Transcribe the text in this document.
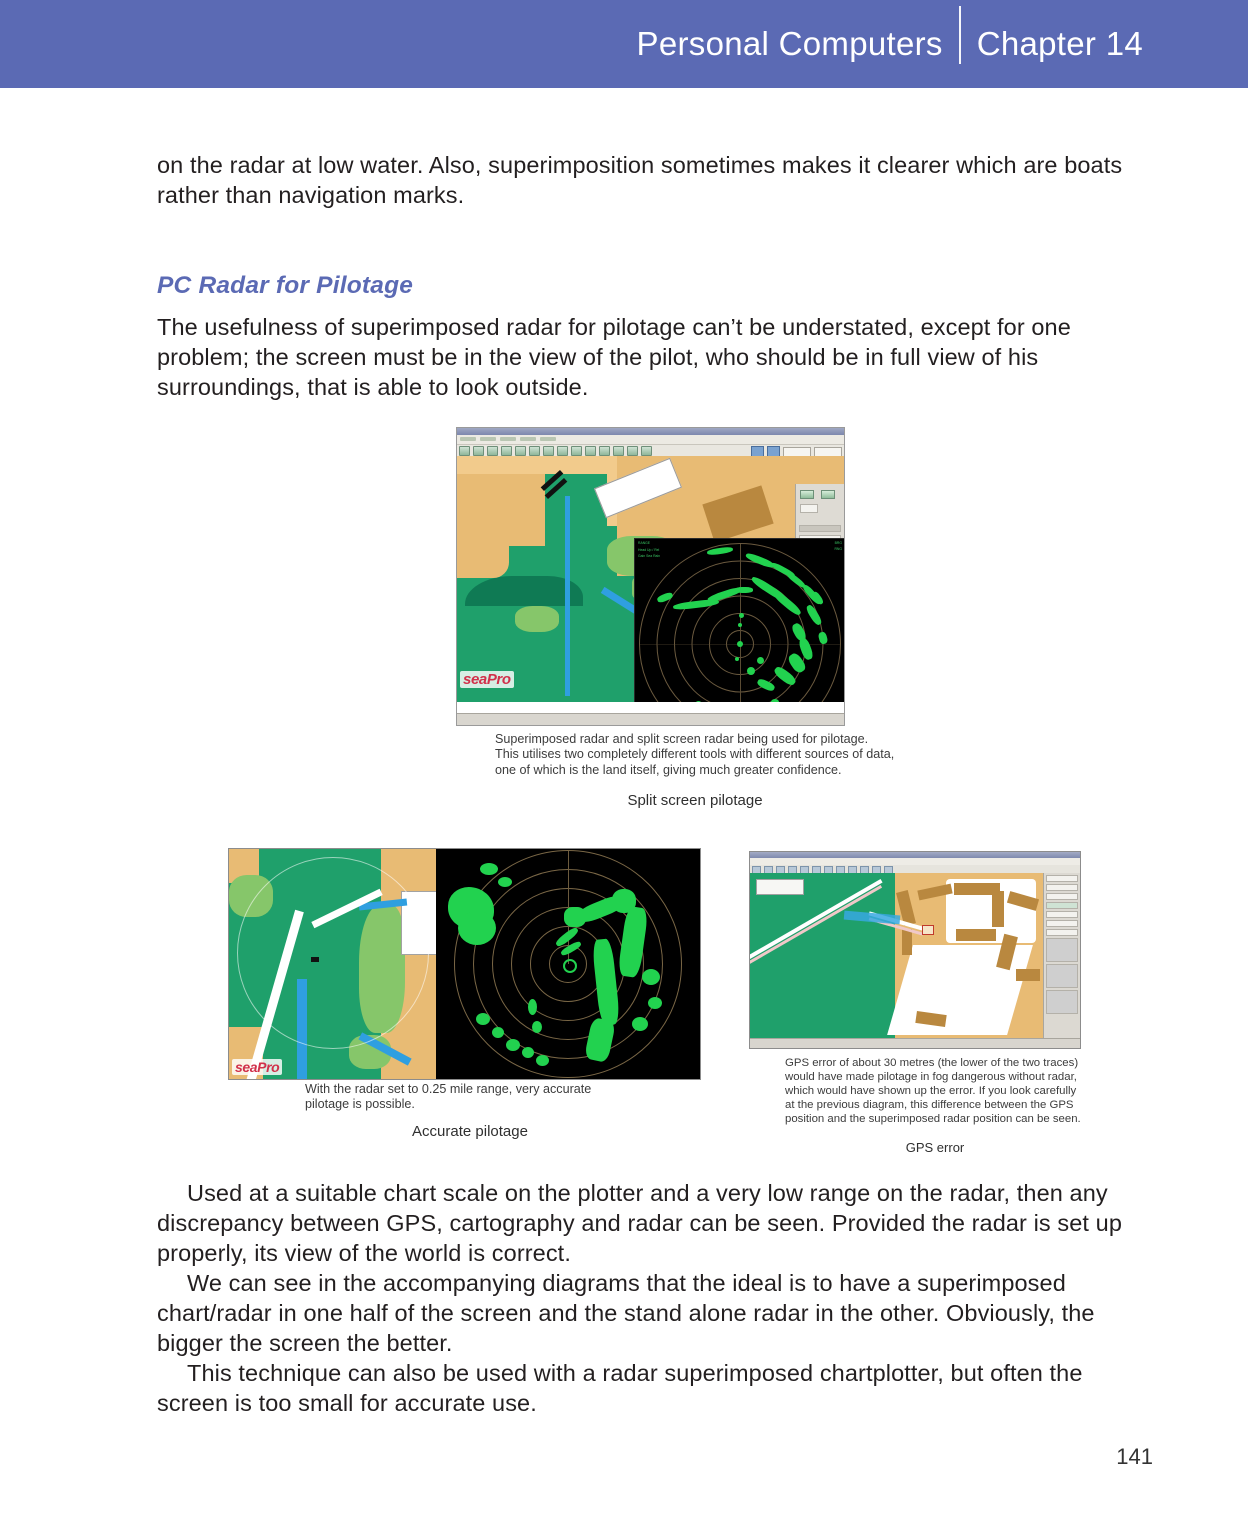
Personal Computers Chapter 14

on the radar at low water. Also, superimposition sometimes makes it clearer which are boats rather than navigation marks.

PC Radar for Pilotage

The usefulness of superimposed radar for pilotage can’t be understated, except for one problem; the screen must be in the view of the pilot, who should be in full view of his surroundings, that is able to look outside.

RANGE
Head Up / Rel
Gain Sea Rain
BRG
RNG
seaPro
Superimposed radar and split screen radar being used for pilotage. This utilises two completely different tools with different sources of data, one of which is the land itself, giving much greater confidence.
Split screen pilotage
seaPro
With the radar set to 0.25 mile range, very accurate pilotage is possible.
Accurate pilotage
GPS error of about 30 metres (the lower of the two traces) would have made pilotage in fog dangerous without radar, which would have shown up the error. If you look carefully at the previous diagram, this difference between the GPS position and the superimposed radar position can be seen.
GPS error

Used at a suitable chart scale on the plotter and a very low range on the radar, then any discrepancy between GPS, cartography and radar can be seen. Provided the radar is set up properly, its view of the world is correct.

We can see in the accompanying diagrams that the ideal is to have a superimposed chart/radar in one half of the screen and the stand alone radar in the other. Obviously, the bigger the screen the better.

This technique can also be used with a radar superimposed chartplotter, but often the screen is too small for accurate use.

141
